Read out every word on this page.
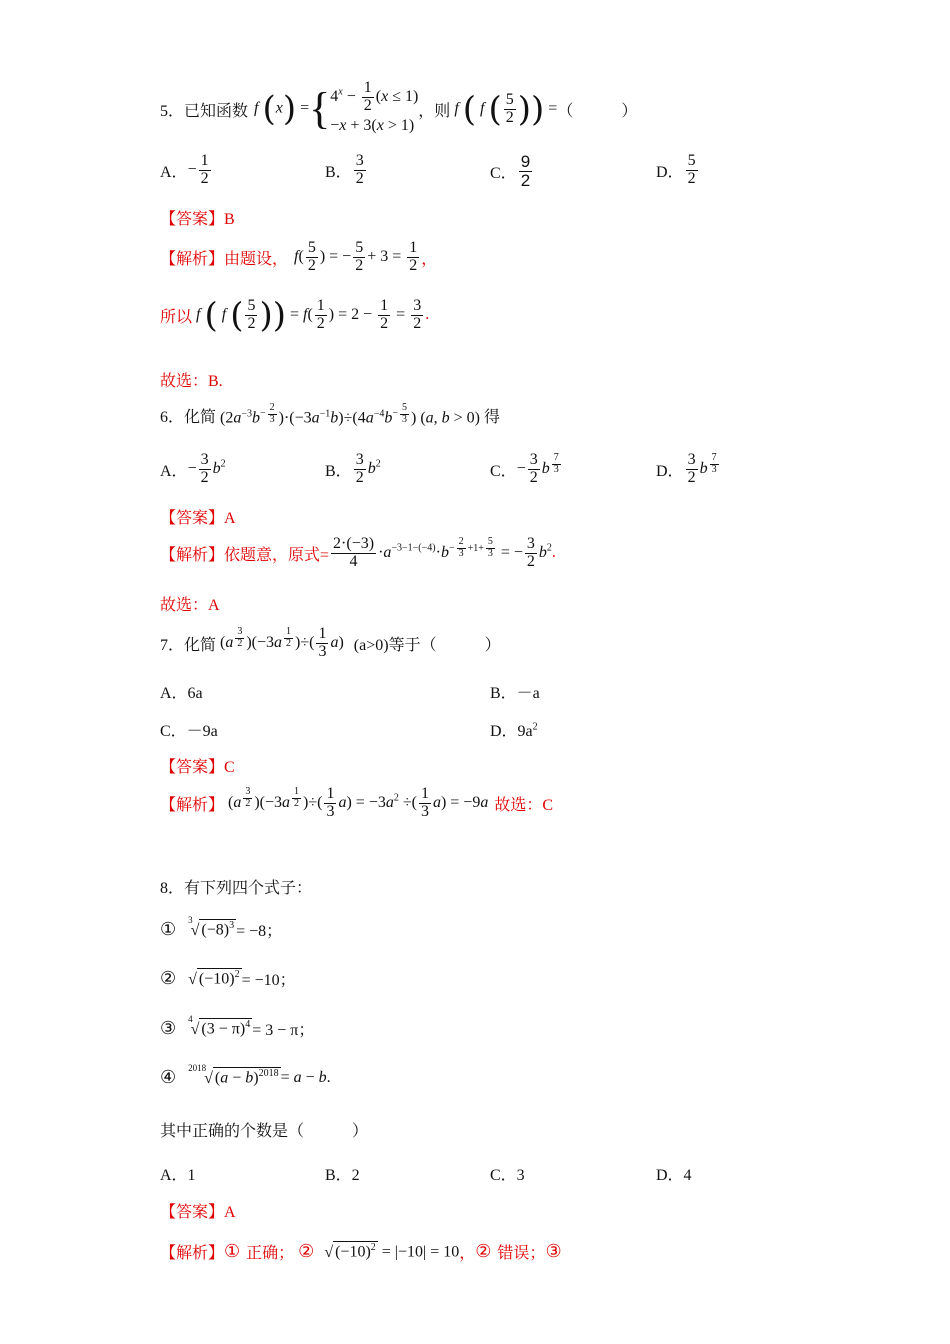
5．已知函数 f (x) = { $4^x - \frac{1}{2} (x \le 1)$
−x + 3(x > 1)
，则 f ( f ( $\frac{5}{2}$ )) = （　　　）
A． − $\frac{1}{2}$	B． $\frac{3}{2}$	C． $\frac{9}{2}$	D． $\frac{5}{2}$
【答案】B
【解析】 由题设， $f( \frac{5}{2}$ ) = − $\frac{5}{2} + 3 = \frac{1}{2}$ ，
所以 f ( f ( $\frac{5}{2}$ )) = $f( \frac{1}{2}$ ) = $2 - \frac{1}{2} = \frac{3}{2}$ .
故选：B.
6．化简 ($2a^{-3}b^{- \frac{2}{3}}$ )$\cdot(-3a^{-1}b)\div(4a^{-4}b^{- \frac{5}{3}}$ ) (a, b > 0) 得
A． − $\frac{3}{2} b^2$	B． $\frac{3}{2} b^2$	C． − $\frac{3}{2}$ b $^{\frac{7}{3}}$	D． $\frac{3}{2}$ b $^{\frac{7}{3}}$
【答案】A
【解析】 依题意，原式= $\frac{2\cdot(-3)}{4} \cdot a^{-3-1-(-4)}\cdot b^{- \frac{2}{3} +1+ \frac{5}{3}}$ = − $\frac{3}{2} b^2$ .
故选：A
7．化简 (a $^{\frac{3}{2}}$ )(−3a $^{\frac{1}{2}}$ )÷( $\frac{1}{3} a$) (a>0)等于（　　　）
A．6a	B．－a
C．－9a	D．$9a^2$
【答案】C
【解析】 (a $^{\frac{3}{2}}$ )(−3a $^{\frac{1}{2}}$ )÷( $\frac{1}{3} a) = -3a^2$ ÷( $\frac{1}{3} a) = -9a$ 故选：C
8．有下列四个式子：
① 3
√ $(-8)^3 = -8$；
② √ $(-10)^2 = -10$；
③ 4
√ $(3 - \pi)^4 = 3 - \pi$；
④ 2018
√ $(a - b)^{2018} = a - b$.
其中正确的个数是（　　　）
A．1	B．2	C．3	D．4
【答案】A
【解析】 ① 正确； ② √ $(-10)^2 = |-10| = 10$ ， ② 错误； ③
